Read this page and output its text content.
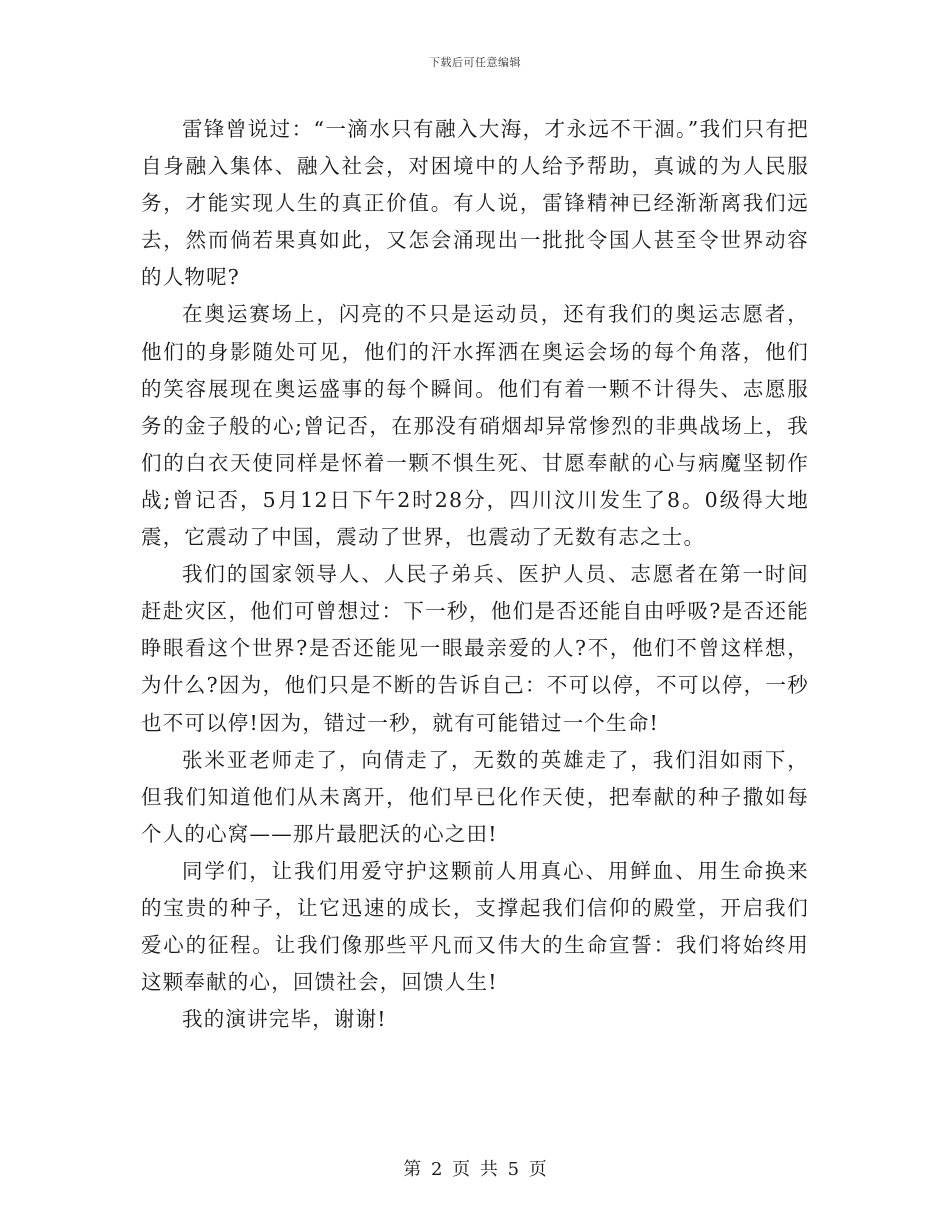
下载后可任意编辑

雷锋曾说过：“一滴水只有融入大海，才永远不干涸。”我们只有把自身融入集体、融入社会，对困境中的人给予帮助，真诚的为人民服务，才能实现人生的真正价值。有人说，雷锋精神已经渐渐离我们远去，然而倘若果真如此，又怎会涌现出一批批令国人甚至令世界动容的人物呢?

在奥运赛场上，闪亮的不只是运动员，还有我们的奥运志愿者，他们的身影随处可见，他们的汗水挥洒在奥运会场的每个角落，他们的笑容展现在奥运盛事的每个瞬间。他们有着一颗不计得失、志愿服务的金子般的心;曾记否，在那没有硝烟却异常惨烈的非典战场上，我们的白衣天使同样是怀着一颗不惧生死、甘愿奉献的心与病魔坚韧作战;曾记否，5月12日下午2时28分，四川汶川发生了8。0级得大地震，它震动了中国，震动了世界，也震动了无数有志之士。

我们的国家领导人、人民子弟兵、医护人员、志愿者在第一时间赶赴灾区，他们可曾想过：下一秒，他们是否还能自由呼吸?是否还能睁眼看这个世界?是否还能见一眼最亲爱的人?不，他们不曾这样想，为什么?因为，他们只是不断的告诉自己：不可以停，不可以停，一秒也不可以停!因为，错过一秒，就有可能错过一个生命!

张米亚老师走了，向倩走了，无数的英雄走了，我们泪如雨下，但我们知道他们从未离开，他们早已化作天使，把奉献的种子撒如每个人的心窝——那片最肥沃的心之田!

同学们，让我们用爱守护这颗前人用真心、用鲜血、用生命换来的宝贵的种子，让它迅速的成长，支撑起我们信仰的殿堂，开启我们爱心的征程。让我们像那些平凡而又伟大的生命宣誓：我们将始终用这颗奉献的心，回馈社会，回馈人生!

我的演讲完毕，谢谢!

第 2 页 共 5 页
